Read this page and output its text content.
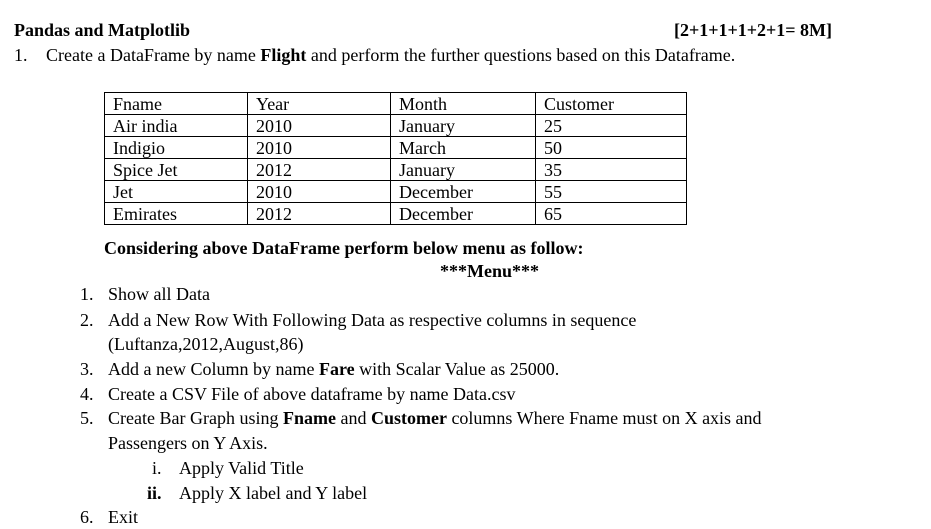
Pandas and Matplotlib	[2+1+1+1+2+1= 8M]
1. Create a DataFrame by name Flight and perform the further questions based on this Dataframe.
Fname	Year	Month	Customer
Air india	2010	January	25
Indigio	2010	March	50
Spice Jet	2012	January	35
Jet	2010	December	55
Emirates	2012	December	65
Considering above DataFrame perform below menu as follow:
***Menu***
1. Show all Data
2. Add a New Row With Following Data as respective columns in sequence
(Luftanza,2012,August,86)
3. Add a new Column by name Fare with Scalar Value as 25000.
4. Create a CSV File of above dataframe by name Data.csv
5. Create Bar Graph using Fname and Customer columns Where Fname must on X axis and
Passengers on Y Axis.
i. Apply Valid Title
ii. Apply X label and Y label
6. Exit
